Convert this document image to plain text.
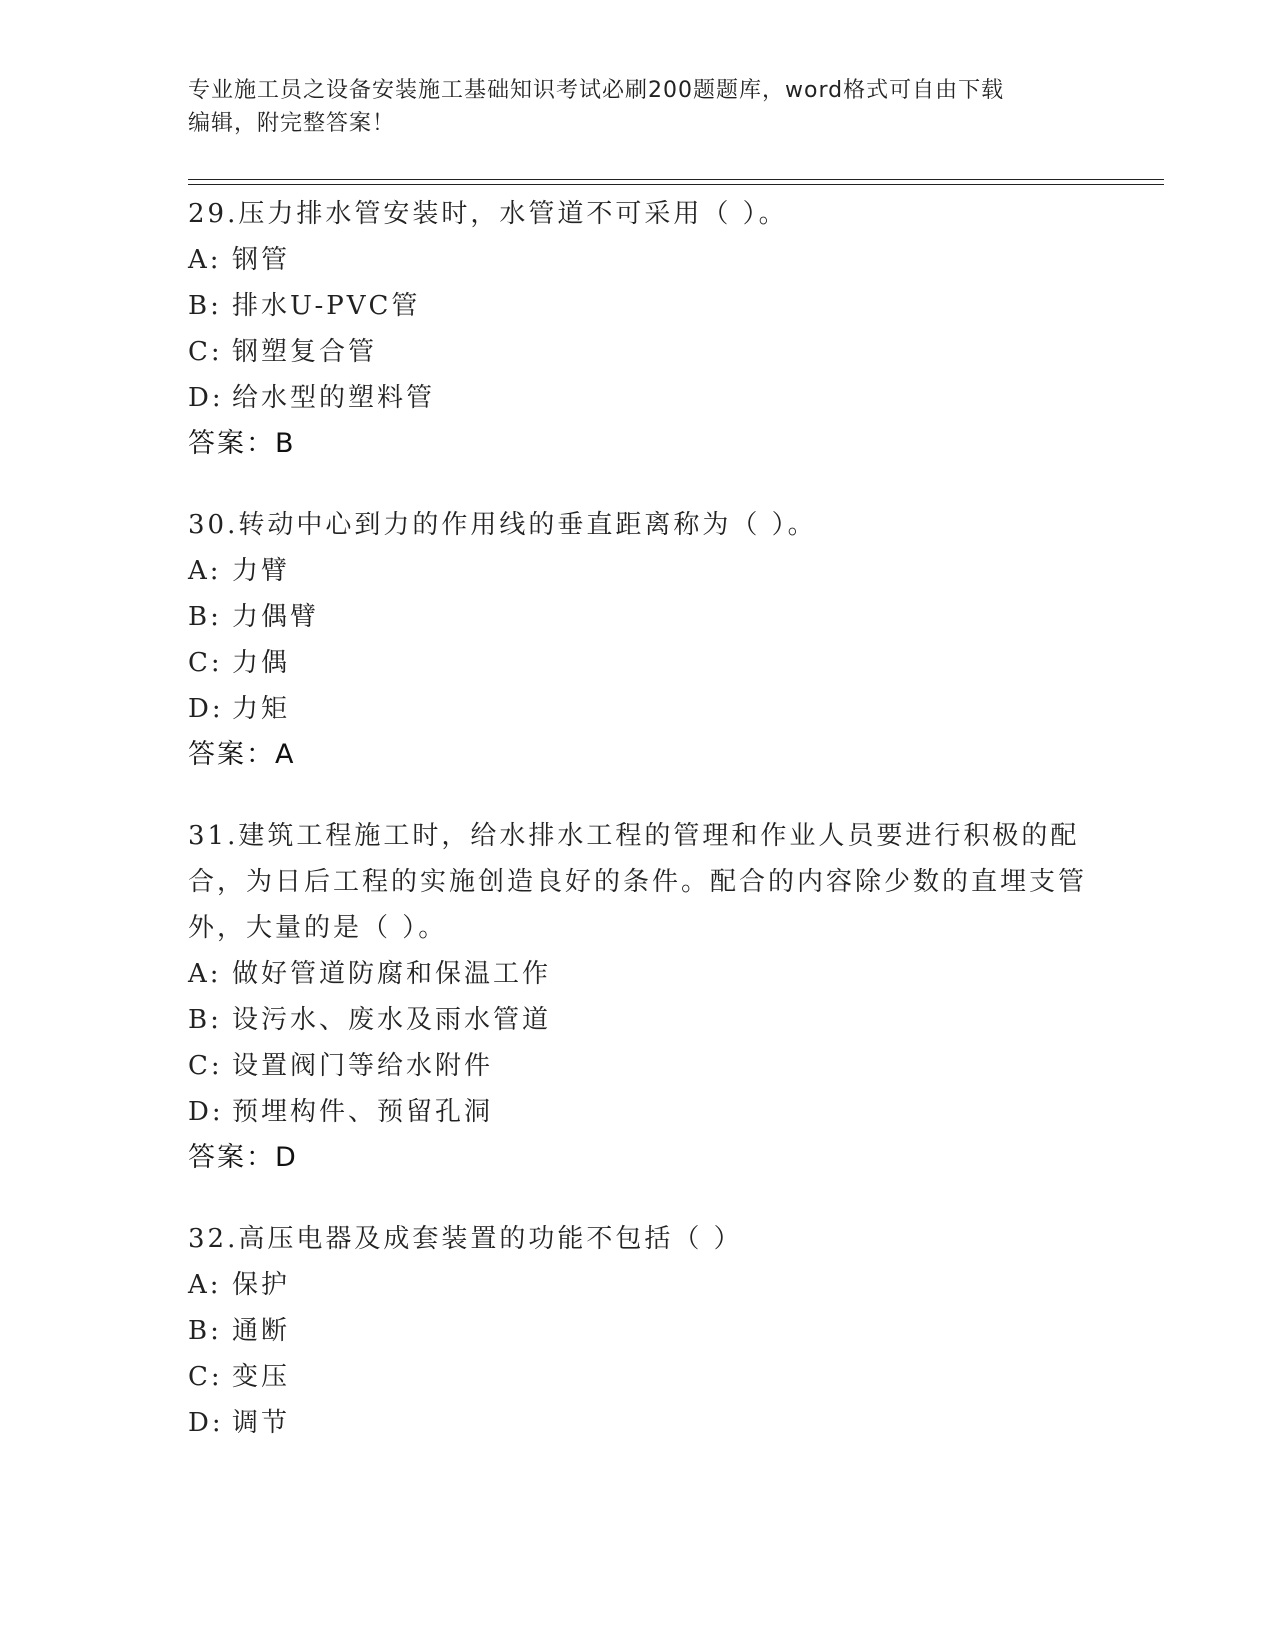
专业施工员之设备安装施工基础知识考试必刷200题题库，word格式可自由下载
编辑，附完整答案！
29.压力排水管安装时，水管道不可采用（ ）。
A: 钢管
B: 排水U-PVC管
C: 钢塑复合管
D: 给水型的塑料管
答案：B
30.转动中心到力的作用线的垂直距离称为（ ）。
A: 力臂
B: 力偶臂
C: 力偶
D: 力矩
答案：A
31.建筑工程施工时，给水排水工程的管理和作业人员要进行积极的配合，为日后工程的实施创造良好的条件。配合的内容除少数的直埋支管外，大量的是（ ）。
A: 做好管道防腐和保温工作
B: 设污水、废水及雨水管道
C: 设置阀门等给水附件
D: 预埋构件、预留孔洞
答案：D
32.高压电器及成套装置的功能不包括（ ）
A: 保护
B: 通断
C: 变压
D: 调节
